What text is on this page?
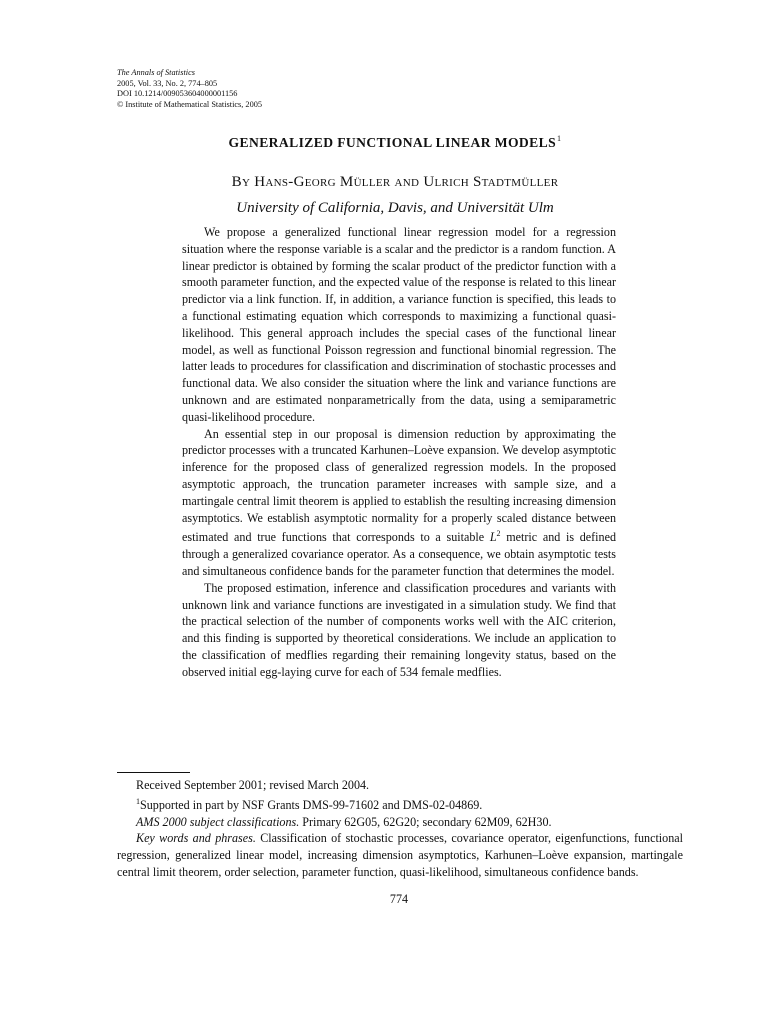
The Annals of Statistics
2005, Vol. 33, No. 2, 774–805
DOI 10.1214/009053604000001156
© Institute of Mathematical Statistics, 2005
GENERALIZED FUNCTIONAL LINEAR MODELS$^1$
By Hans-Georg Müller and Ulrich Stadtmüller
University of California, Davis, and Universität Ulm

We propose a generalized functional linear regression model for a regression situation where the response variable is a scalar and the predictor is a random function. A linear predictor is obtained by forming the scalar product of the predictor function with a smooth parameter function, and the expected value of the response is related to this linear predictor via a link function. If, in addition, a variance function is specified, this leads to a functional estimating equation which corresponds to maximizing a functional quasi-likelihood. This general approach includes the special cases of the functional linear model, as well as functional Poisson regression and functional binomial regression. The latter leads to procedures for classification and discrimination of stochastic processes and functional data. We also consider the situation where the link and variance functions are unknown and are estimated nonparametrically from the data, using a semiparametric quasi-likelihood procedure.

An essential step in our proposal is dimension reduction by approximating the predictor processes with a truncated Karhunen–Loève expansion. We develop asymptotic inference for the proposed class of generalized regression models. In the proposed asymptotic approach, the truncation parameter increases with sample size, and a martingale central limit theorem is applied to establish the resulting increasing dimension asymptotics. We establish asymptotic normality for a properly scaled distance between estimated and true functions that corresponds to a suitable $L^2$ metric and is defined through a generalized covariance operator. As a consequence, we obtain asymptotic tests and simultaneous confidence bands for the parameter function that determines the model.

The proposed estimation, inference and classification procedures and variants with unknown link and variance functions are investigated in a simulation study. We find that the practical selection of the number of components works well with the AIC criterion, and this finding is supported by theoretical considerations. We include an application to the classification of medflies regarding their remaining longevity status, based on the observed initial egg-laying curve for each of 534 female medflies.

Received September 2001; revised March 2004.

$^1$Supported in part by NSF Grants DMS-99-71602 and DMS-02-04869.

AMS 2000 subject classifications. Primary 62G05, 62G20; secondary 62M09, 62H30.

Key words and phrases. Classification of stochastic processes, covariance operator, eigenfunctions, functional regression, generalized linear model, increasing dimension asymptotics, Karhunen–Loève expansion, martingale central limit theorem, order selection, parameter function, quasi-likelihood, simultaneous confidence bands.

774
